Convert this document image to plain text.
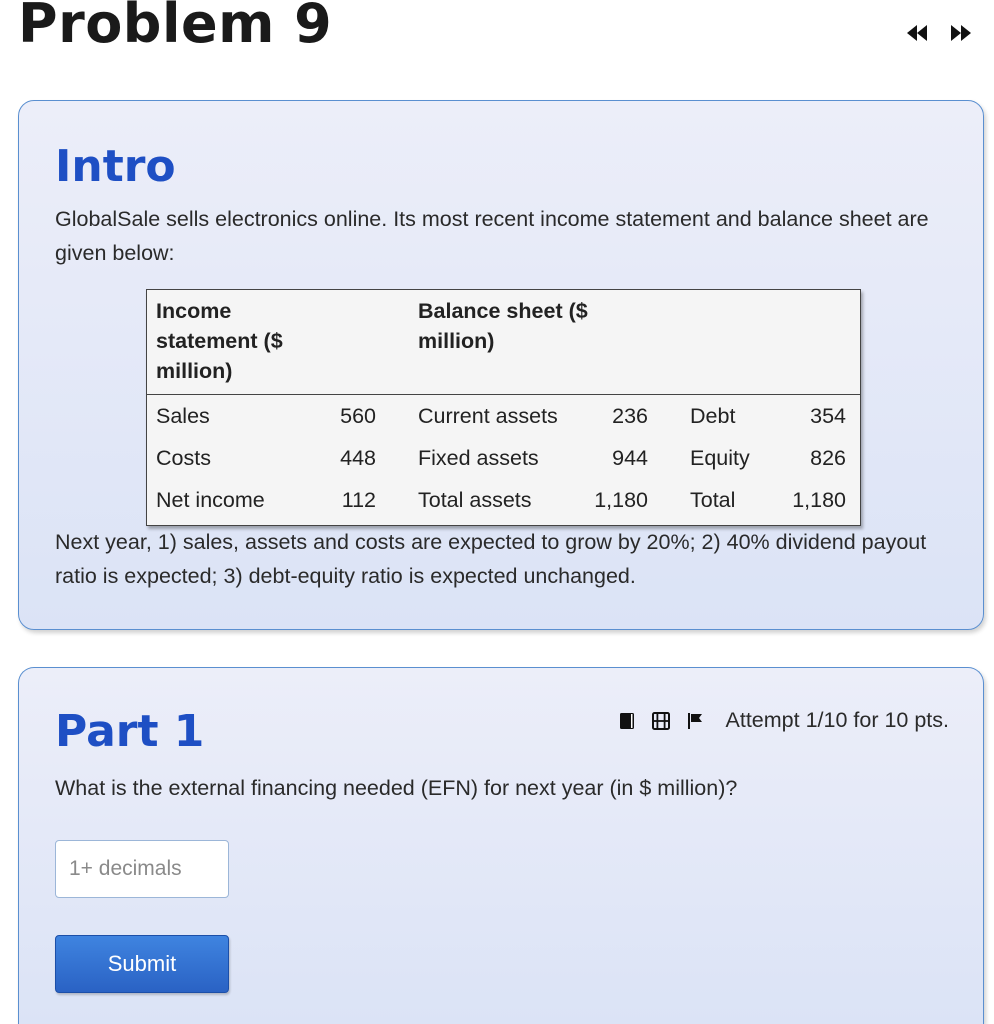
Problem 9
Intro

GlobalSale sells electronics online. Its most recent income statement and balance sheet are given below:

Income statement ($ million)		Balance sheet ($ million)			
Sales	560	Current assets	236	Debt	354
Costs	448	Fixed assets	944	Equity	826
Net income	112	Total assets	1,180	Total	1,180

Next year, 1) sales, assets and costs are expected to grow by 20%; 2) 40% dividend payout ratio is expected; 3) debt-equity ratio is expected unchanged.

Part 1	Attempt 1/10 for 10 pts.

What is the external financing needed (EFN) for next year (in $ million)?

1+ decimals
Submit
